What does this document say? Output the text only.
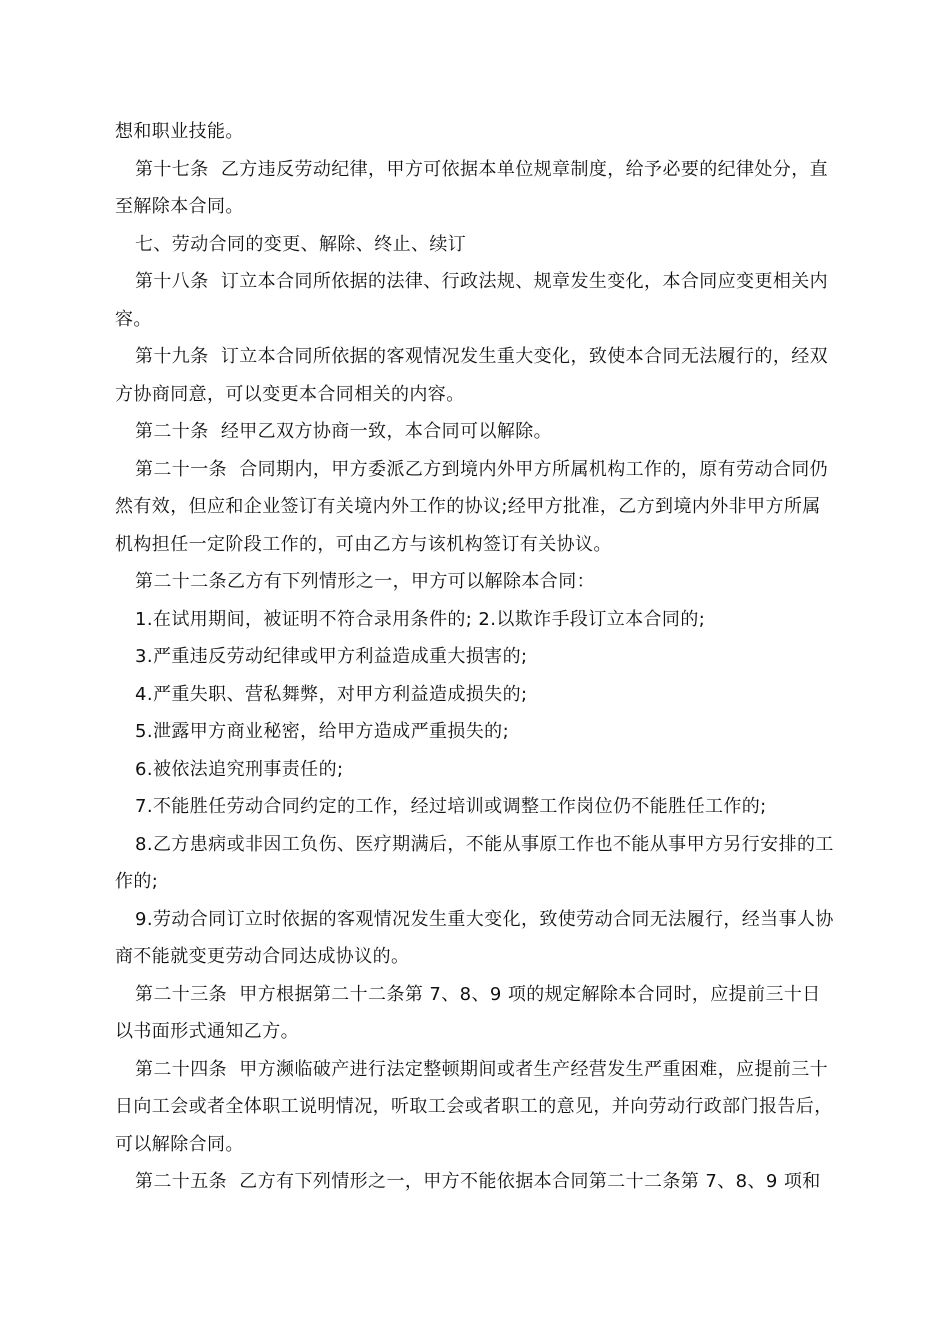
想和职业技能。

第十七条  乙方违反劳动纪律，甲方可依据本单位规章制度，给予必要的纪律处分，直至解除本合同。

七、劳动合同的变更、解除、终止、续订

第十八条  订立本合同所依据的法律、行政法规、规章发生变化，本合同应变更相关内容。

第十九条  订立本合同所依据的客观情况发生重大变化，致使本合同无法履行的，经双方协商同意，可以变更本合同相关的内容。

第二十条  经甲乙双方协商一致，本合同可以解除。

第二十一条  合同期内，甲方委派乙方到境内外甲方所属机构工作的，原有劳动合同仍然有效，但应和企业签订有关境内外工作的协议;经甲方批准，乙方到境内外非甲方所属机构担任一定阶段工作的，可由乙方与该机构签订有关协议。

第二十二条乙方有下列情形之一，甲方可以解除本合同：

1.在试用期间，被证明不符合录用条件的; 2.以欺诈手段订立本合同的;

3.严重违反劳动纪律或甲方利益造成重大损害的;

4.严重失职、营私舞弊，对甲方利益造成损失的;

5.泄露甲方商业秘密，给甲方造成严重损失的;

6.被依法追究刑事责任的;

7.不能胜任劳动合同约定的工作，经过培训或调整工作岗位仍不能胜任工作的;

8.乙方患病或非因工负伤、医疗期满后，不能从事原工作也不能从事甲方另行安排的工作的;

9.劳动合同订立时依据的客观情况发生重大变化，致使劳动合同无法履行，经当事人协商不能就变更劳动合同达成协议的。

第二十三条  甲方根据第二十二条第 7、8、9 项的规定解除本合同时，应提前三十日以书面形式通知乙方。

第二十四条  甲方濒临破产进行法定整顿期间或者生产经营发生严重困难，应提前三十日向工会或者全体职工说明情况，听取工会或者职工的意见，并向劳动行政部门报告后，可以解除合同。

第二十五条  乙方有下列情形之一，甲方不能依据本合同第二十二条第 7、8、9 项和
